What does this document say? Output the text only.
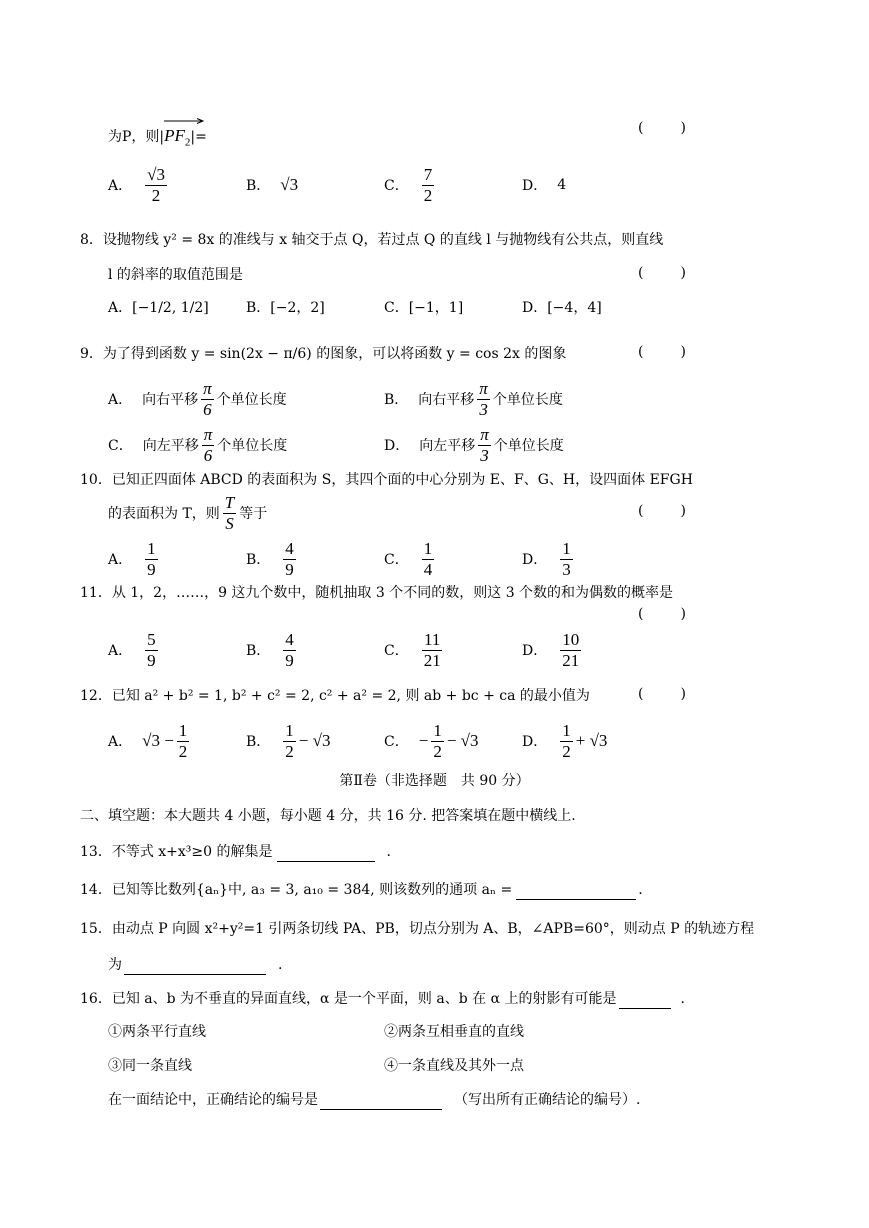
为P，则|
$PF_2|=$
(	)
A． $\frac{√3}{2}$	B． √3	C． $\frac{7}{2}$	D． 4
8．设抛物线 y² = 8x 的准线与 x 轴交于点 Q，若过点 Q 的直线 l 与抛物线有公共点，则直线
l 的斜率的取值范围是	(	)
A．[−1/2, 1/2]	B．[−2，2]	C．[−1，1]	D．[−4，4]
9．为了得到函数 y = sin(2x − π/6) 的图象，可以将函数 y = cos 2x 的图象	(	)
A． 向右平移 $\frac{\pi}{6}$ 个单位长度	B． 向右平移 $\frac{\pi}{3}$ 个单位长度
C． 向左平移 $\frac{\pi}{6}$ 个单位长度	D． 向左平移 $\frac{\pi}{3}$ 个单位长度
10．已知正四面体 ABCD 的表面积为 S，其四个面的中心分别为 E、F、G、H，设四面体 EFGH
的表面积为 T，则 $\frac{T}{S}$ 等于	(	)
A． $\frac{1}{9}$	B． $\frac{4}{9}$	C． $\frac{1}{4}$	D． $\frac{1}{3}$
11．从 1，2，……，9 这九个数中，随机抽取 3 个不同的数，则这 3 个数的和为偶数的概率是
(	)
A． $\frac{5}{9}$	B． $\frac{4}{9}$	C． $\frac{11}{21}$	D． $\frac{10}{21}$
12．已知 a² + b² = 1, b² + c² = 2, c² + a² = 2, 则 ab + bc + ca 的最小值为	(	)
A． $√3 - \frac{1}{2}$	B． $\frac{1}{2} - √3$	C． − $\frac{1}{2} - √3$	D． $\frac{1}{2} + √3$
第Ⅱ卷（非选择题　共 90 分）
二、填空题：本大题共 4 小题，每小题 4 分，共 16 分. 把答案填在题中横线上.
13．不等式 x+x³≥0 的解集是	.
14．已知等比数列{aₙ}中, a₃ = 3, a₁₀ = 384, 则该数列的通项 aₙ =	.
15．由动点 P 向圆 x²+y²=1 引两条切线 PA、PB，切点分别为 A、B，∠APB=60°，则动点 P 的轨迹方程
为	.
16．已知 a、b 为不垂直的异面直线，α 是一个平面，则 a、b 在 α 上的射影有可能是	.
①两条平行直线	②两条互相垂直的直线
③同一条直线	④一条直线及其外一点
在一面结论中，正确结论的编号是	（写出所有正确结论的编号）.
